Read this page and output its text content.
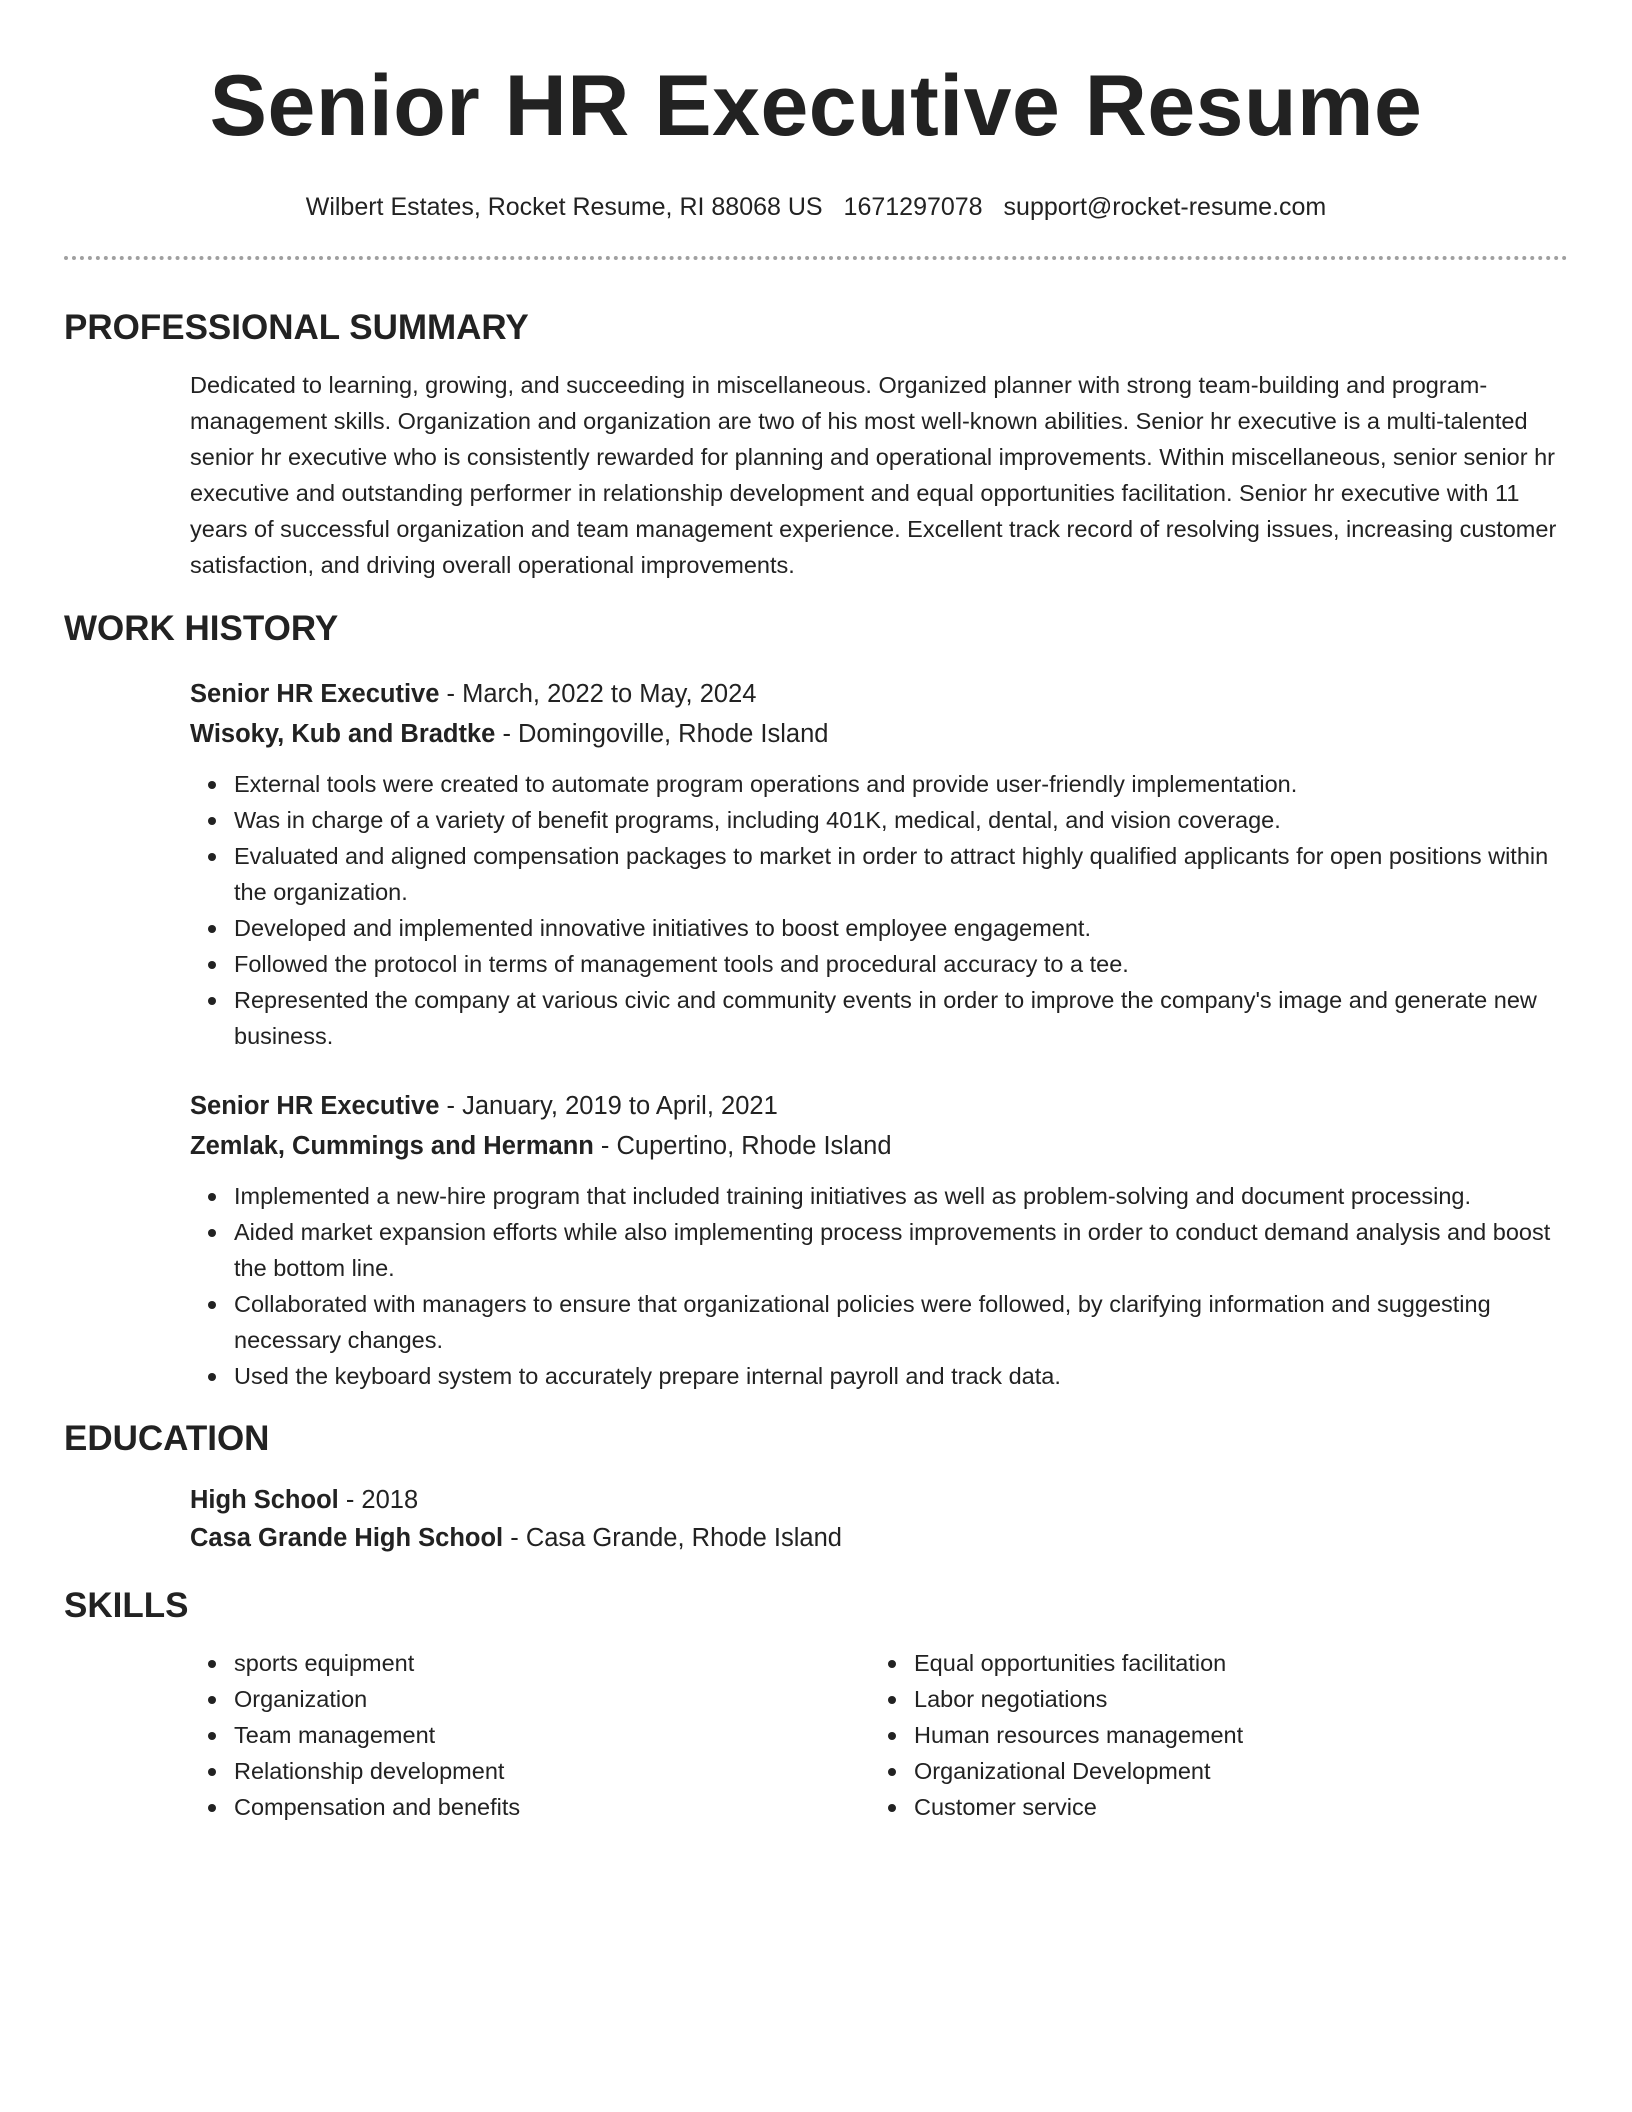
Senior HR Executive Resume
Wilbert Estates, Rocket Resume, RI 88068 US 1671297078 support@rocket-resume.com
PROFESSIONAL SUMMARY

Dedicated to learning, growing, and succeeding in miscellaneous. Organized planner with strong team-building and program-management skills. Organization and organization are two of his most well-known abilities. Senior hr executive is a multi-talented senior hr executive who is consistently rewarded for planning and operational improvements. Within miscellaneous, senior senior hr executive and outstanding performer in relationship development and equal opportunities facilitation. Senior hr executive with 11 years of successful organization and team management experience. Excellent track record of resolving issues, increasing customer satisfaction, and driving overall operational improvements.

WORK HISTORY
Senior HR Executive - March, 2022 to May, 2024
Wisoky, Kub and Bradtke - Domingoville, Rhode Island
External tools were created to automate program operations and provide user-friendly implementation.
Was in charge of a variety of benefit programs, including 401K, medical, dental, and vision coverage.
Evaluated and aligned compensation packages to market in order to attract highly qualified applicants for open positions within the organization.
Developed and implemented innovative initiatives to boost employee engagement.
Followed the protocol in terms of management tools and procedural accuracy to a tee.
Represented the company at various civic and community events in order to improve the company's image and generate new business.
Senior HR Executive - January, 2019 to April, 2021
Zemlak, Cummings and Hermann - Cupertino, Rhode Island
Implemented a new-hire program that included training initiatives as well as problem-solving and document processing.
Aided market expansion efforts while also implementing process improvements in order to conduct demand analysis and boost the bottom line.
Collaborated with managers to ensure that organizational policies were followed, by clarifying information and suggesting necessary changes.
Used the keyboard system to accurately prepare internal payroll and track data.
EDUCATION
High School - 2018
Casa Grande High School - Casa Grande, Rhode Island
SKILLS
sports equipment
Organization
Team management
Relationship development
Compensation and benefits
Equal opportunities facilitation
Labor negotiations
Human resources management
Organizational Development
Customer service
